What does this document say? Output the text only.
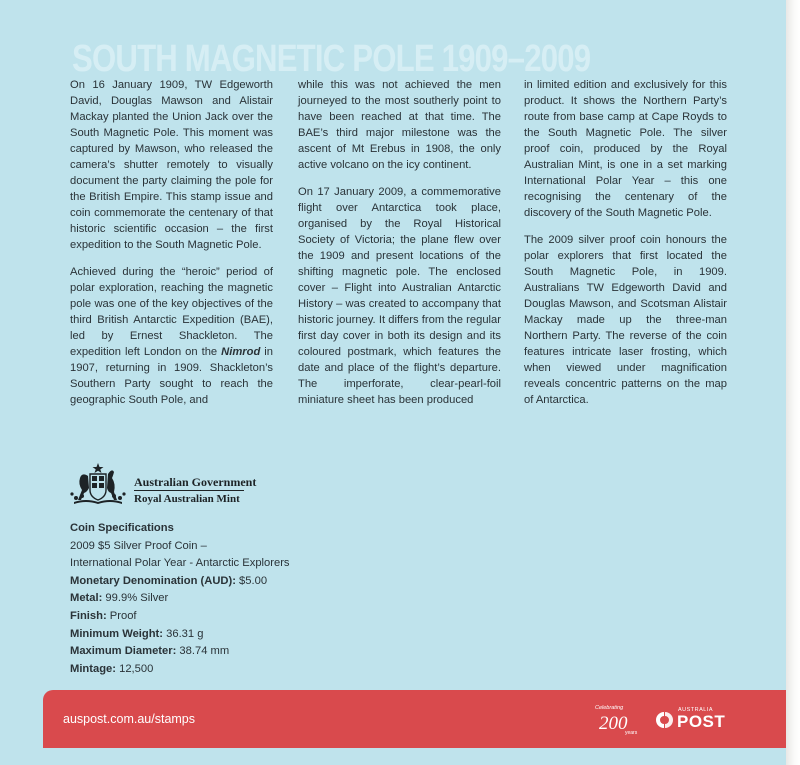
SOUTH MAGNETIC POLE 1909–2009

On 16 January 1909, TW Edgeworth David, Douglas Mawson and Alistair Mackay planted the Union Jack over the South Magnetic Pole. This moment was captured by Mawson, who released the camera’s shutter remotely to visually document the party claiming the pole for the British Empire. This stamp issue and coin commemorate the centenary of that historic scientific occasion – the first expedition to the South Magnetic Pole.

Achieved during the “heroic” period of polar exploration, reaching the magnetic pole was one of the key objectives of the third British Antarctic Expedition (BAE), led by Ernest Shackleton. The expedition left London on the Nimrod in 1907, returning in 1909. Shackleton’s Southern Party sought to reach the geographic South Pole, and

while this was not achieved the men journeyed to the most southerly point to have been reached at that time. The BAE’s third major milestone was the ascent of Mt Erebus in 1908, the only active volcano on the icy continent.

On 17 January 2009, a commemorative flight over Antarctica took place, organised by the Royal Historical Society of Victoria; the plane flew over the 1909 and present locations of the shifting magnetic pole. The enclosed cover – Flight into Australian Antarctic History – was created to accompany that historic journey. It differs from the regular first day cover in both its design and its coloured postmark, which features the date and place of the flight’s departure. The imperforate, clear-pearl-foil miniature sheet has been produced

in limited edition and exclusively for this product. It shows the Northern Party’s route from base camp at Cape Royds to the South Magnetic Pole. The silver proof coin, produced by the Royal Australian Mint, is one in a set marking International Polar Year – this one recognising the centenary of the discovery of the South Magnetic Pole.

The 2009 silver proof coin honours the polar explorers that first located the South Magnetic Pole, in 1909. Australians TW Edgeworth David and Douglas Mawson, and Scotsman Alistair Mackay made up the three-man Northern Party. The reverse of the coin features intricate laser frosting, which when viewed under magnification reveals concentric patterns on the map of Antarctica.

Australian Government
Royal Australian Mint
Coin Specifications
2009 $5 Silver Proof Coin –
International Polar Year - Antarctic Explorers
Monetary Denomination (AUD): $5.00
Metal: 99.9% Silver
Finish: Proof
Minimum Weight: 36.31 g
Maximum Diameter: 38.74 mm
Mintage: 12,500
auspost.com.au/stamps
Celebrating
200
years
AUSTRALIA
POST
